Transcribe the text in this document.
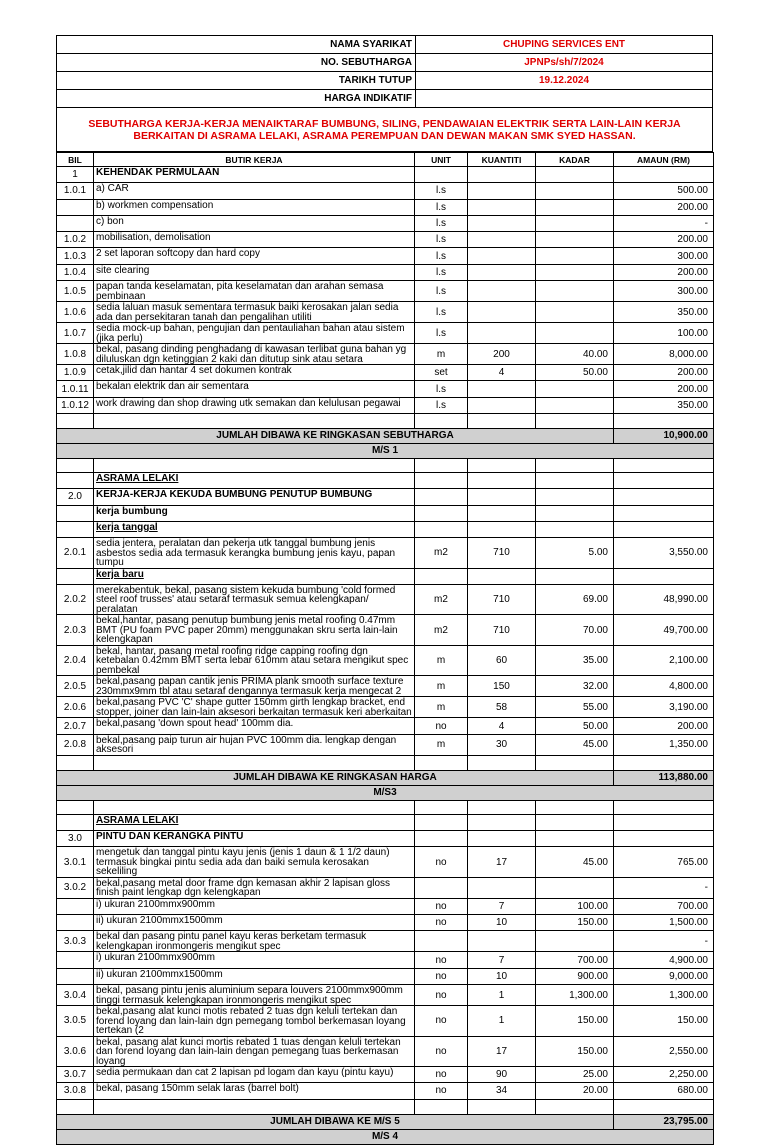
NAMA SYARIKAT	CHUPING SERVICES ENT
NO. SEBUTHARGA	JPNPs/sh/7/2024
TARIKH TUTUP	19.12.2024
HARGA INDIKATIF
SEBUTHARGA KERJA-KERJA MENAIKTARAF BUMBUNG, SILING, PENDAWAIAN ELEKTRIK SERTA LAIN-LAIN KERJA BERKAITAN DI ASRAMA LELAKI, ASRAMA PEREMPUAN DAN DEWAN MAKAN SMK SYED HASSAN.
BIL	BUTIR KERJA	UNIT	KUANTITI	KADAR	AMAUN (RM)
1	KEHENDAK PERMULAAN				
1.0.1	a) CAR	l.s			500.00
	b) workmen compensation	l.s			200.00
	c) bon	l.s			-
1.0.2	mobilisation, demolisation	l.s			200.00
1.0.3	2 set laporan softcopy dan hard copy	l.s			300.00
1.0.4	site clearing	l.s			200.00
1.0.5	papan tanda keselamatan, pita keselamatan dan arahan semasa pembinaan	l.s			300.00
1.0.6	sedia laluan masuk sementara termasuk baiki kerosakan jalan sedia ada dan persekitaran tanah dan pengalihan utiliti	l.s			350.00
1.0.7	sedia mock-up bahan, pengujian dan pentauliahan bahan atau sistem (jika perlu)	l.s			100.00
1.0.8	bekal, pasang dinding penghadang di kawasan terlibat guna bahan yg diluluskan dgn ketinggian 2 kaki dan ditutup sink atau setara	m	200	40.00	8,000.00
1.0.9	cetak,jilid dan hantar 4 set dokumen kontrak	set	4	50.00	200.00
1.0.11	bekalan elektrik dan air sementara	l.s			200.00
1.0.12	work drawing dan shop drawing utk semakan dan kelulusan pegawai	l.s			350.00

JUMLAH DIBAWA KE RINGKASAN SEBUTHARGA					10,900.00
M/S 1					

	ASRAMA LELAKI				
2.0	KERJA-KERJA KEKUDA BUMBUNG PENUTUP BUMBUNG				
	kerja bumbung				
	kerja tanggal				
2.0.1	sedia jentera, peralatan dan pekerja utk tanggal bumbung jenis asbestos sedia ada termasuk kerangka bumbung jenis kayu, papan tumpu	m2	710	5.00	3,550.00
	kerja baru				
2.0.2	merekabentuk, bekal, pasang sistem kekuda bumbung 'cold formed steel roof trusses' atau setaraf termasuk semua kelengkapan/ peralatan	m2	710	69.00	48,990.00
2.0.3	bekal,hantar, pasang penutup bumbung jenis metal roofing 0.47mm BMT (PU foam PVC paper 20mm) menggunakan skru serta lain-lain kelengkapan	m2	710	70.00	49,700.00
2.0.4	bekal, hantar, pasang metal roofing ridge capping roofing dgn ketebalan 0.42mm BMT serta lebar 610mm atau setara mengikut spec pembekal	m	60	35.00	2,100.00
2.0.5	bekal,pasang papan cantik jenis PRIMA plank smooth surface texture 230mmx9mm tbl atau setaraf dengannya termasuk kerja mengecat 2	m	150	32.00	4,800.00
2.0.6	bekal,pasang PVC 'C' shape gutter 150mm girth lengkap bracket, end stopper, joiner dan lain-lain aksesori berkaitan termasuk keri aberkaitan	m	58	55.00	3,190.00
2.0.7	bekal,pasang 'down spout head' 100mm dia.	no	4	50.00	200.00
2.0.8	bekal,pasang paip turun air hujan PVC 100mm dia. lengkap dengan aksesori	m	30	45.00	1,350.00

JUMLAH DIBAWA KE RINGKASAN HARGA					113,880.00
M/S3					

	ASRAMA LELAKI				
3.0	PINTU DAN KERANGKA PINTU				
3.0.1	mengetuk dan tanggal pintu kayu jenis (jenis 1 daun & 1 1/2 daun) termasuk bingkai pintu sedia ada dan baiki semula kerosakan sekeliling	no	17	45.00	765.00
3.0.2	bekal,pasang metal door frame dgn kemasan akhir 2 lapisan gloss finish paint lengkap dgn kelengkapan				-
	i) ukuran 2100mmx900mm	no	7	100.00	700.00
	ii) ukuran 2100mmx1500mm	no	10	150.00	1,500.00
3.0.3	bekal dan pasang pintu panel kayu keras berketam termasuk kelengkapan ironmongeris mengikut spec				-
	i) ukuran 2100mmx900mm	no	7	700.00	4,900.00
	ii) ukuran 2100mmx1500mm	no	10	900.00	9,000.00
3.0.4	bekal, pasang pintu jenis aluminium separa louvers 2100mmx900mm tinggi termasuk kelengkapan ironmongeris mengikut spec	no	1	1,300.00	1,300.00
3.0.5	bekal,pasang alat kunci motis rebated 2 tuas dgn keluli tertekan dan forend loyang dan lain-lain dgn pemegang tombol berkemasan loyang tertekan (2	no	1	150.00	150.00
3.0.6	bekal, pasang alat kunci mortis rebated 1 tuas dengan keluli tertekan dan forend loyang dan lain-lain dengan pemegang tuas berkemasan loyang	no	17	150.00	2,550.00
3.0.7	sedia permukaan dan cat 2 lapisan pd logam dan kayu (pintu kayu)	no	90	25.00	2,250.00
3.0.8	bekal, pasang 150mm selak laras (barrel bolt)	no	34	20.00	680.00

JUMLAH DIBAWA KE M/S 5					23,795.00
M/S 4					
